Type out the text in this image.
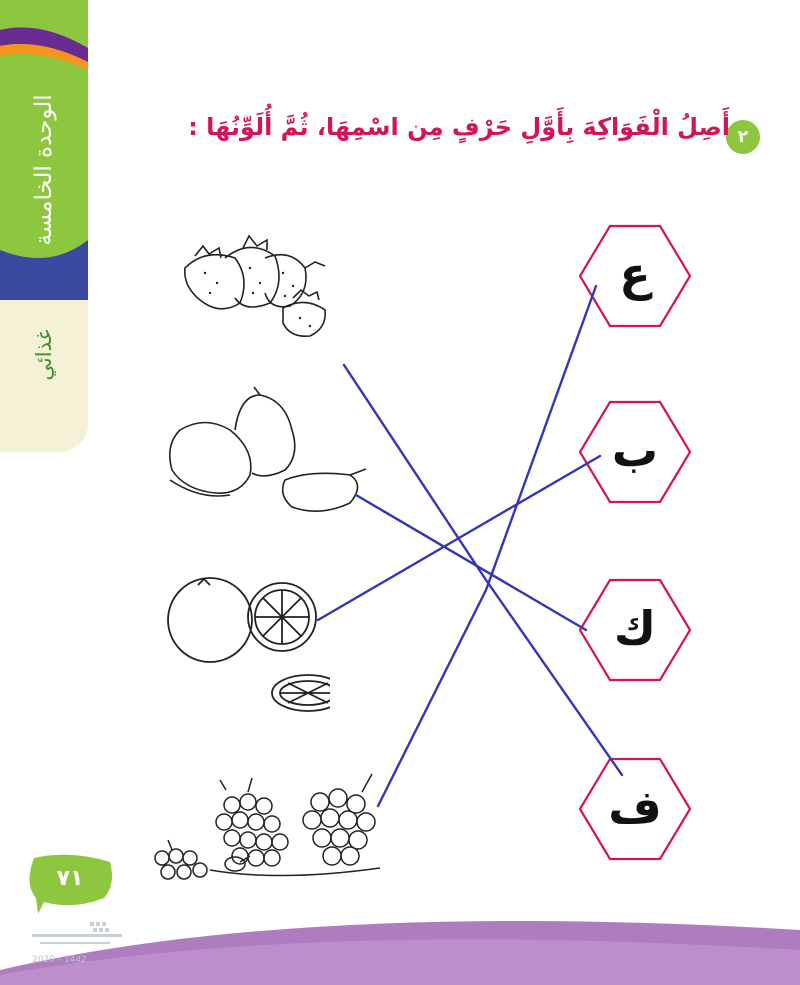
الوحدة الخامسة
غذائي
٢
أَصِلُ الْفَوَاكِهَ بِأَوَّلِ حَرْفٍ مِن اسْمِهَا، ثُمَّ أُلَوِّنُهَا :
ع
ب
ك
ف
٧١
2020 - 1442
